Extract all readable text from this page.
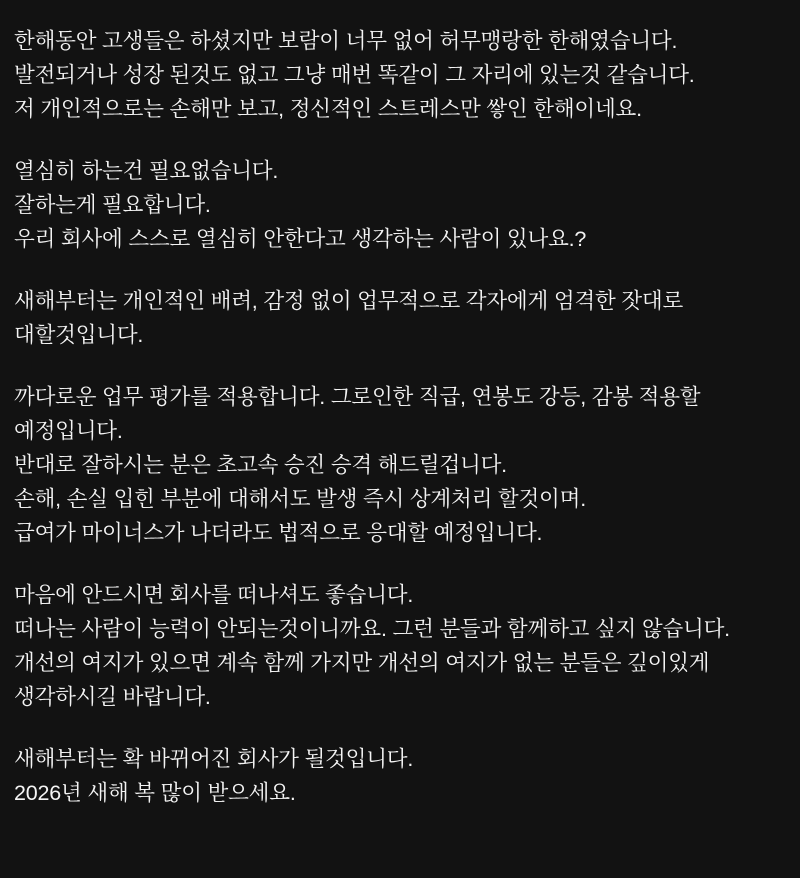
한해동안 고생들은 하셨지만 보람이 너무 없어 허무맹랑한 한해였습니다.
발전되거나 성장 된것도 없고 그냥 매번 똑같이 그 자리에 있는것 같습니다.
저 개인적으로는 손해만 보고, 정신적인 스트레스만 쌓인 한해이네요.
열심히 하는건 필요없습니다.
잘하는게 필요합니다.
우리 회사에 스스로 열심히 안한다고 생각하는 사람이 있나요.?
새해부터는 개인적인 배려, 감정 없이 업무적으로 각자에게 엄격한 잣대로
대할것입니다.
까다로운 업무 평가를 적용합니다. 그로인한 직급, 연봉도 강등, 감봉 적용할
예정입니다.
반대로 잘하시는 분은 초고속 승진 승격 해드릴겁니다.
손해, 손실 입힌 부분에 대해서도 발생 즉시 상계처리 할것이며.
급여가 마이너스가 나더라도 법적으로 응대할 예정입니다.
마음에 안드시면 회사를 떠나셔도 좋습니다.
떠나는 사람이 능력이 안되는것이니까요. 그런 분들과 함께하고 싶지 않습니다.
개선의 여지가 있으면 계속 함께 가지만 개선의 여지가 없는 분들은 깊이있게
생각하시길 바랍니다.
새해부터는 확 바뀌어진 회사가 될것입니다.
2026년 새해 복 많이 받으세요.
